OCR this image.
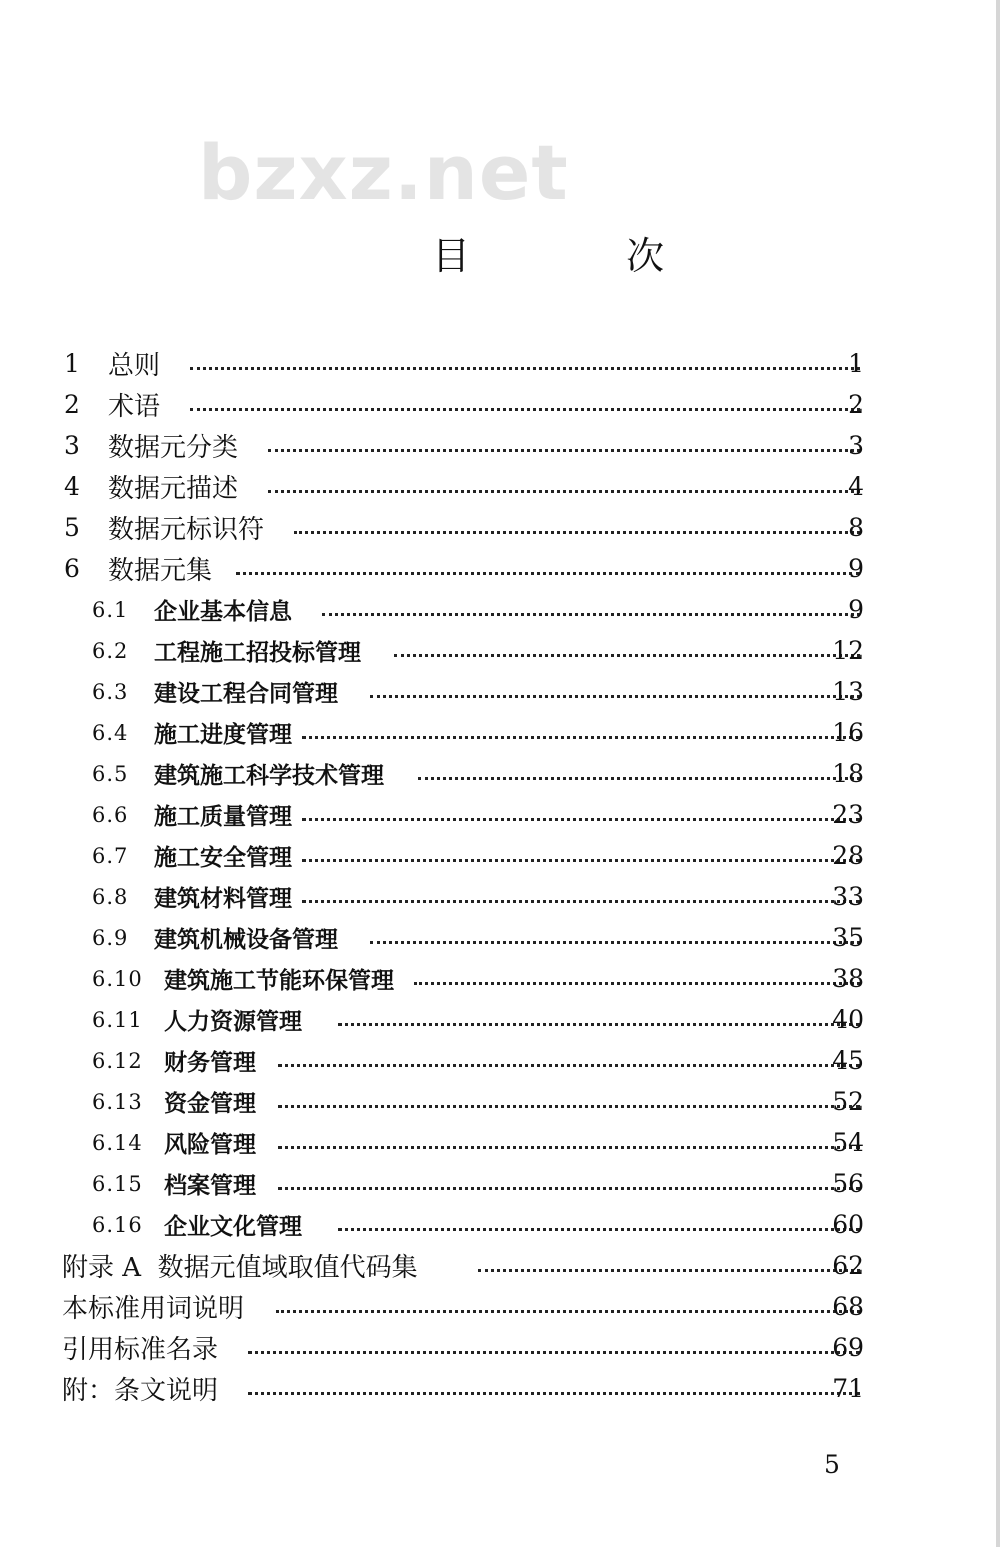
bzxz.net
目 次
1 总则	1
2 术语	2
3 数据元分类	3
4 数据元描述	4
5 数据元标识符	8
6 数据元集	9
6.1 企业基本信息	9
6.2 工程施工招投标管理	12
6.3 建设工程合同管理	13
6.4 施工进度管理	16
6.5 建筑施工科学技术管理	18
6.6 施工质量管理	23
6.7 施工安全管理	28
6.8 建筑材料管理	33
6.9 建筑机械设备管理	35
6.10 建筑施工节能环保管理	38
6.11 人力资源管理	40
6.12 财务管理	45
6.13 资金管理	52
6.14 风险管理	54
6.15 档案管理	56
6.16 企业文化管理	60
附录 A  数据元值域取值代码集	62
本标准用词说明	68
引用标准名录	69
附：条文说明	71
5
